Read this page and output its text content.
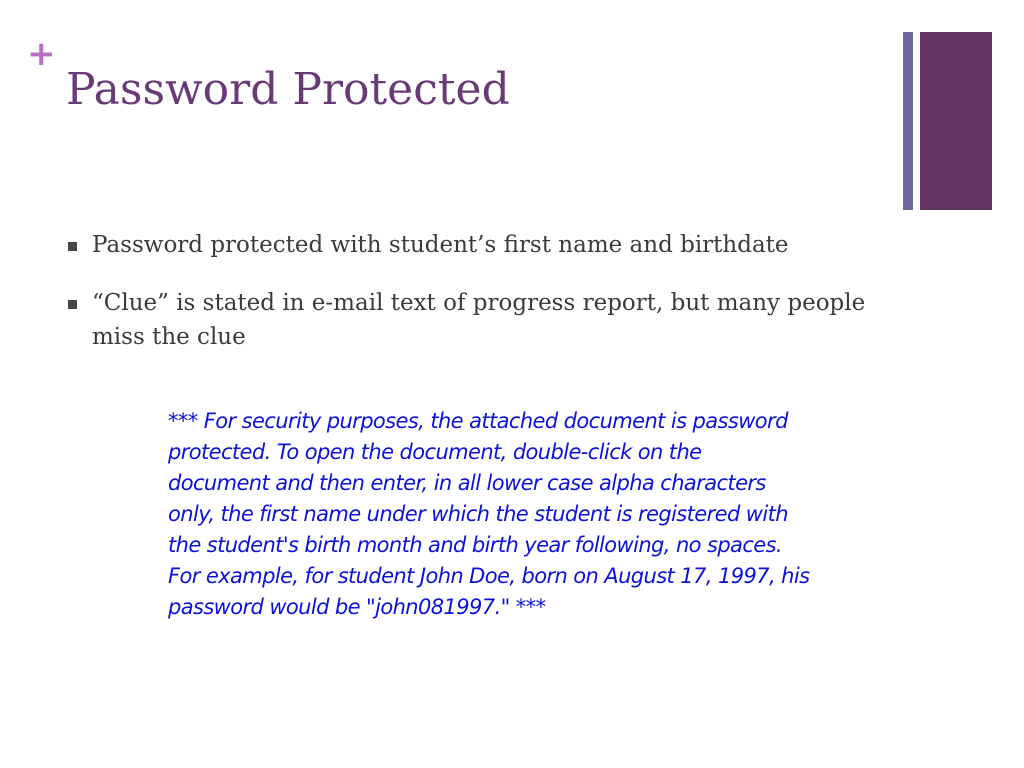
+
Password Protected
Password protected with student’s first name and birthdate
“Clue” is stated in e-mail text of progress report, but many people miss the clue

*** For security purposes, the attached document is password
protected. To open the document, double-click on the
document and then enter, in all lower case alpha characters
only, the first name under which the student is registered with
the student's birth month and birth year following, no spaces.
For example, for student John Doe, born on August 17, 1997, his
password would be "john081997." ***
